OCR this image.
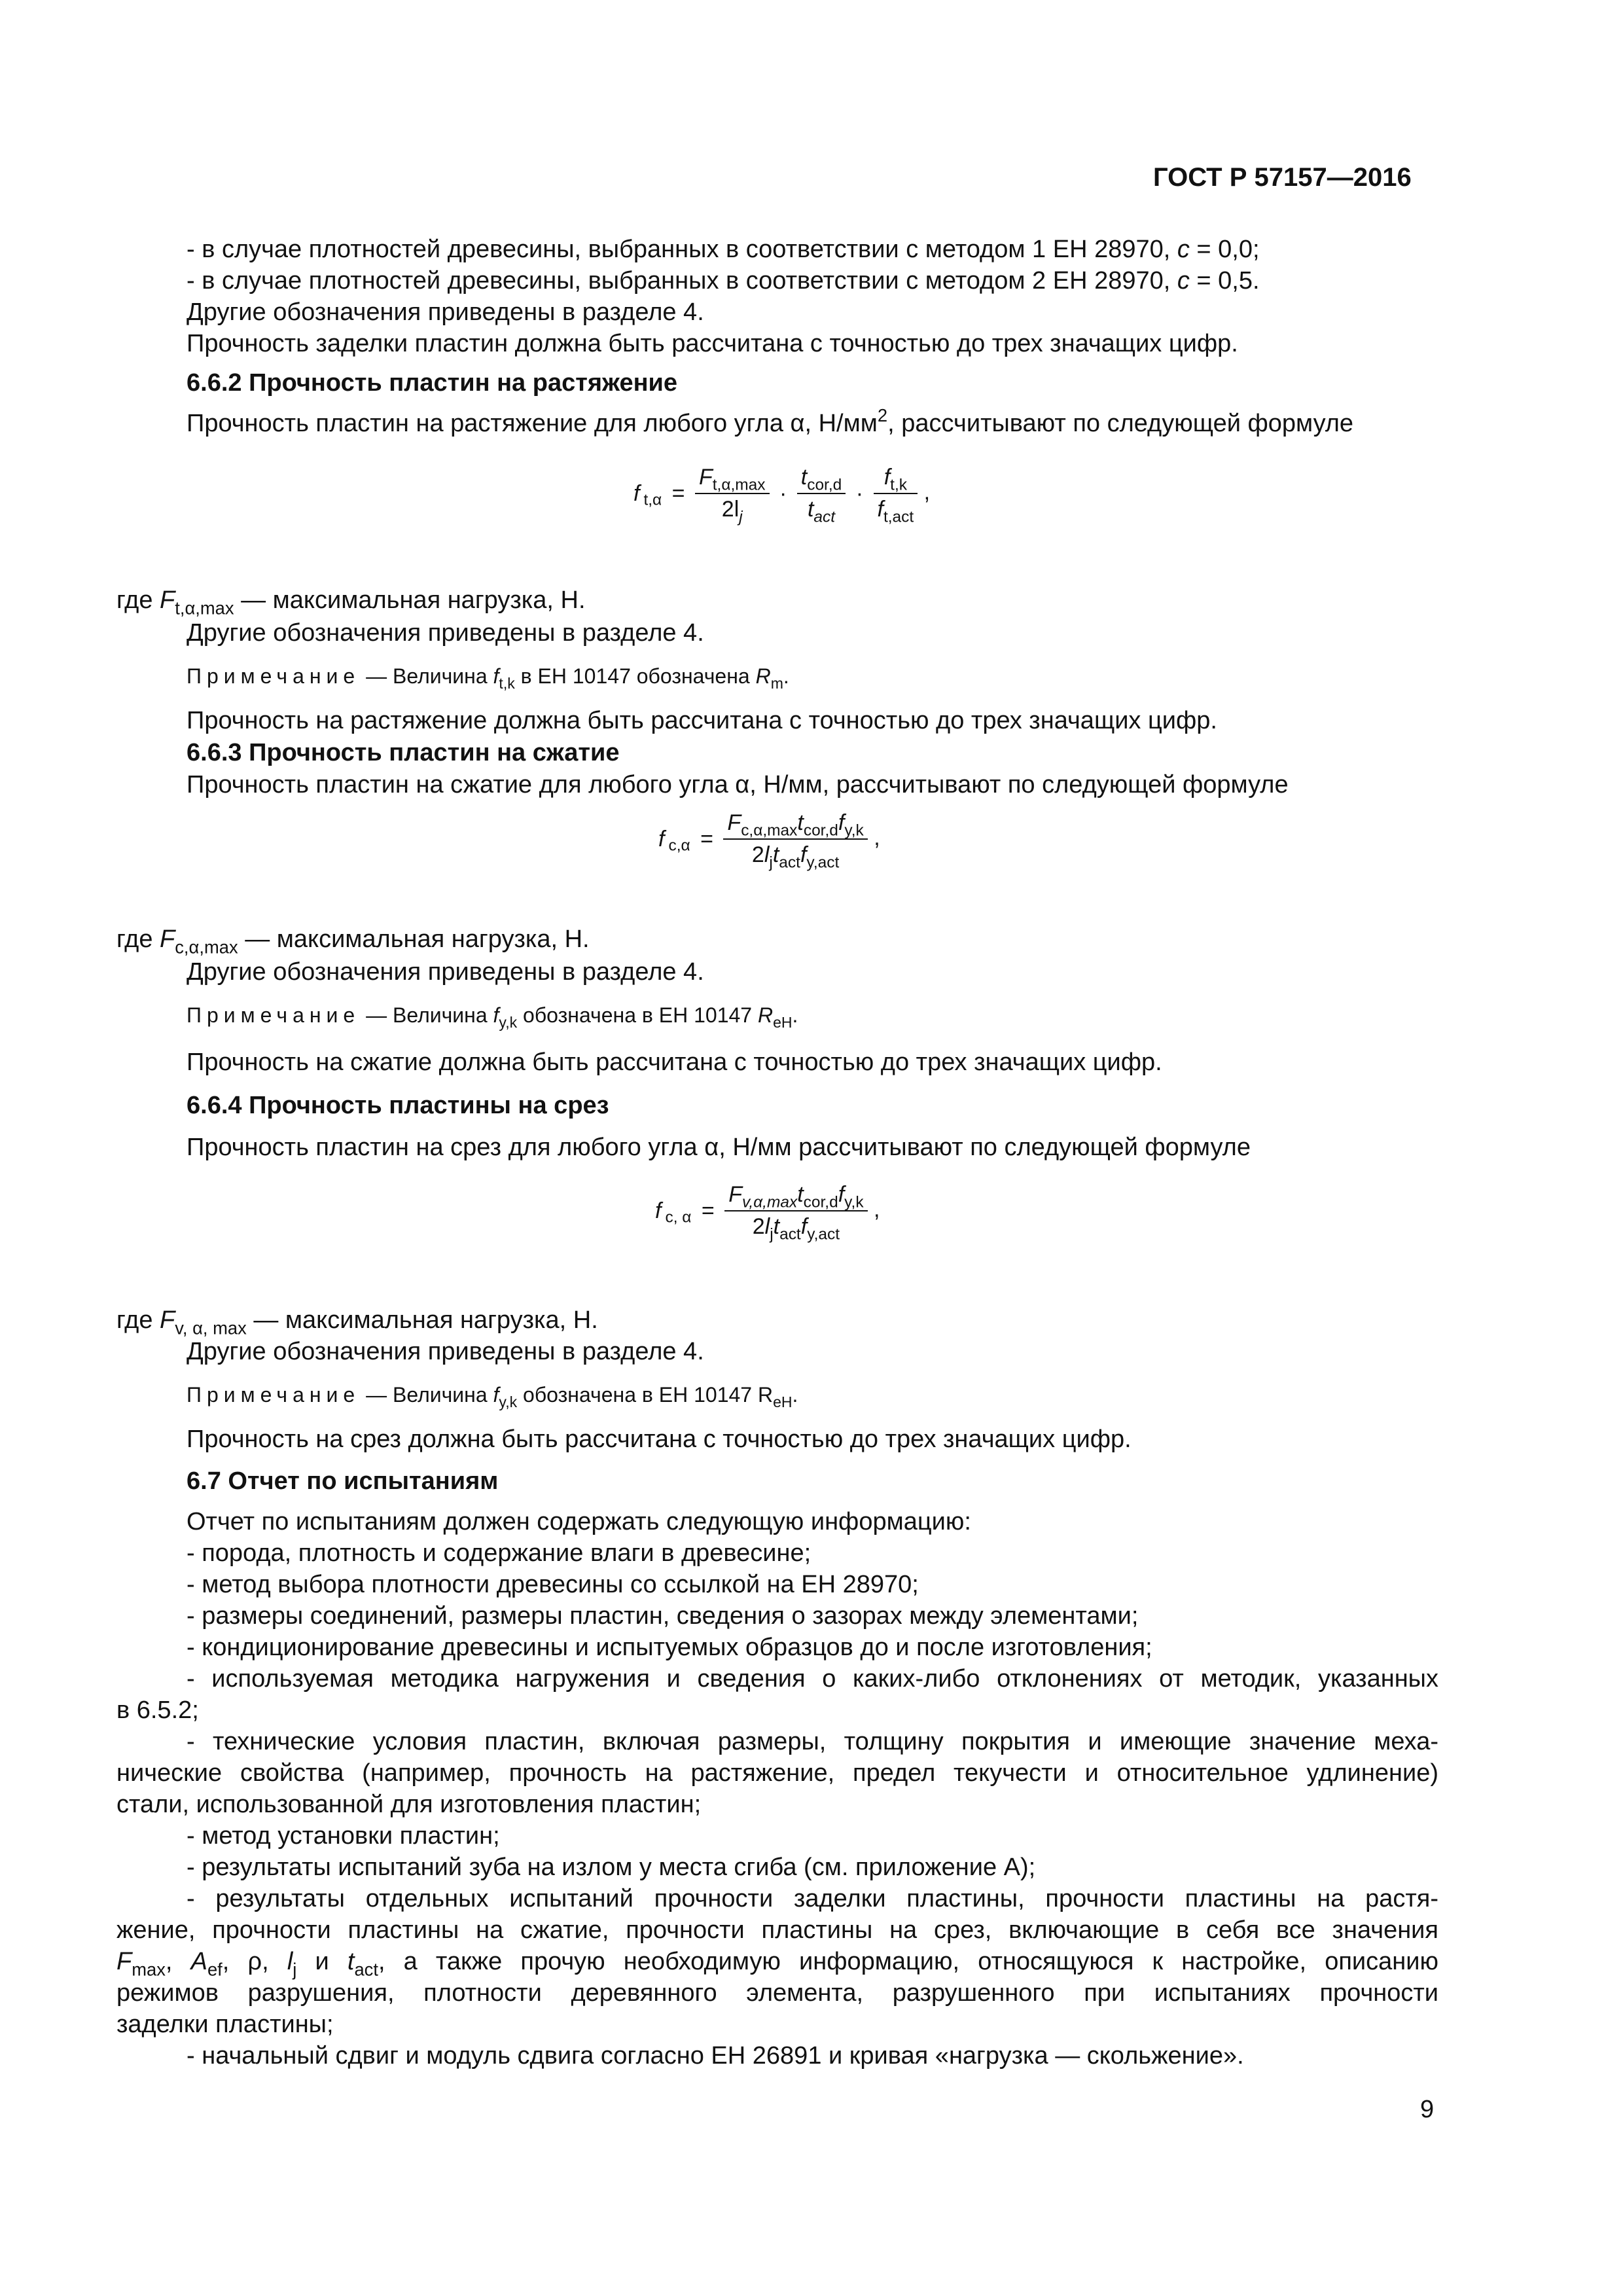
ГОСТ Р 57157—2016
- в случае плотностей древесины, выбранных в соответствии с методом 1 ЕН 28970, c = 0,0;
- в случае плотностей древесины, выбранных в соответствии с методом 2 ЕН 28970, c = 0,5.
Другие обозначения приведены в разделе 4.
Прочность заделки пластин должна быть рассчитана с точностью до трех значащих цифр.
6.6.2 Прочность пластин на растяжение
Прочность пластин на растяжение для любого угла α, $Н/мм^2$, рассчитывают по следующей формуле
f $_{t,\alpha} = \frac{F_{t,\alpha,max}}{2l_j} \cdot \frac{t_{cor,d}}{t_{act}} \cdot \frac{f_{t,k}}{f_{t,act}}$ ,
где $F_{t,\alpha,max}$ — максимальная нагрузка, Н.
Другие обозначения приведены в разделе 4.
Примечание — Величина $f_{t,k}$ в ЕН 10147 обозначена $R_m$.
Прочность на растяжение должна быть рассчитана с точностью до трех значащих цифр.
6.6.3 Прочность пластин на сжатие
Прочность пластин на сжатие для любого угла α, Н/мм, рассчитывают по следующей формуле
f $_{c,\alpha} = \frac{F_{c,\alpha,max}t_{cor,d}f_{y,k}}{2l_jt_{act}f_{y,act}}$ ,
где $F_{c,\alpha,max}$ — максимальная нагрузка, Н.
Другие обозначения приведены в разделе 4.
Примечание — Величина $f_{y,k}$ обозначена в ЕН 10147 $R_{eH}$.
Прочность на сжатие должна быть рассчитана с точностью до трех значащих цифр.
6.6.4 Прочность пластины на срез
Прочность пластин на срез для любого угла α, Н/мм рассчитывают по следующей формуле
f $_{c, \alpha} = \frac{F_{v,\alpha,max}t_{cor,d}f_{y,k}}{2l_jt_{act}f_{y,act}}$ ,
где $F_{v, \alpha, max}$ — максимальная нагрузка, Н.
Другие обозначения приведены в разделе 4.
Примечание — Величина $f_{y,k}$ обозначена в ЕН 10147 $R_{eH}$.
Прочность на срез должна быть рассчитана с точностью до трех значащих цифр.
6.7 Отчет по испытаниям
Отчет по испытаниям должен содержать следующую информацию:
- порода, плотность и содержание влаги в древесине;
- метод выбора плотности древесины со ссылкой на ЕН 28970;
- размеры соединений, размеры пластин, сведения о зазорах между элементами;
- кондиционирование древесины и испытуемых образцов до и после изготовления;
- используемая методика нагружения и сведения о каких-либо отклонениях от методик, указанных
в 6.5.2;
- технические условия пластин, включая размеры, толщину покрытия и имеющие значение меха-
нические свойства (например, прочность на растяжение, предел текучести и относительное удлинение)
стали, использованной для изготовления пластин;
- метод установки пластин;
- результаты испытаний зуба на излом у места сгиба (см. приложение А);
- результаты отдельных испытаний прочности заделки пластины, прочности пластины на растя-
жение, прочности пластины на сжатие, прочности пластины на срез, включающие в себя все значения
$F_{max}$, $A_{ef}$, ρ, $l_j$ и $t_{act}$, а также прочую необходимую информацию, относящуюся к настройке, описанию
режимов разрушения, плотности деревянного элемента, разрушенного при испытаниях прочности
заделки пластины;
- начальный сдвиг и модуль сдвига согласно ЕН 26891 и кривая «нагрузка — скольжение».
9
